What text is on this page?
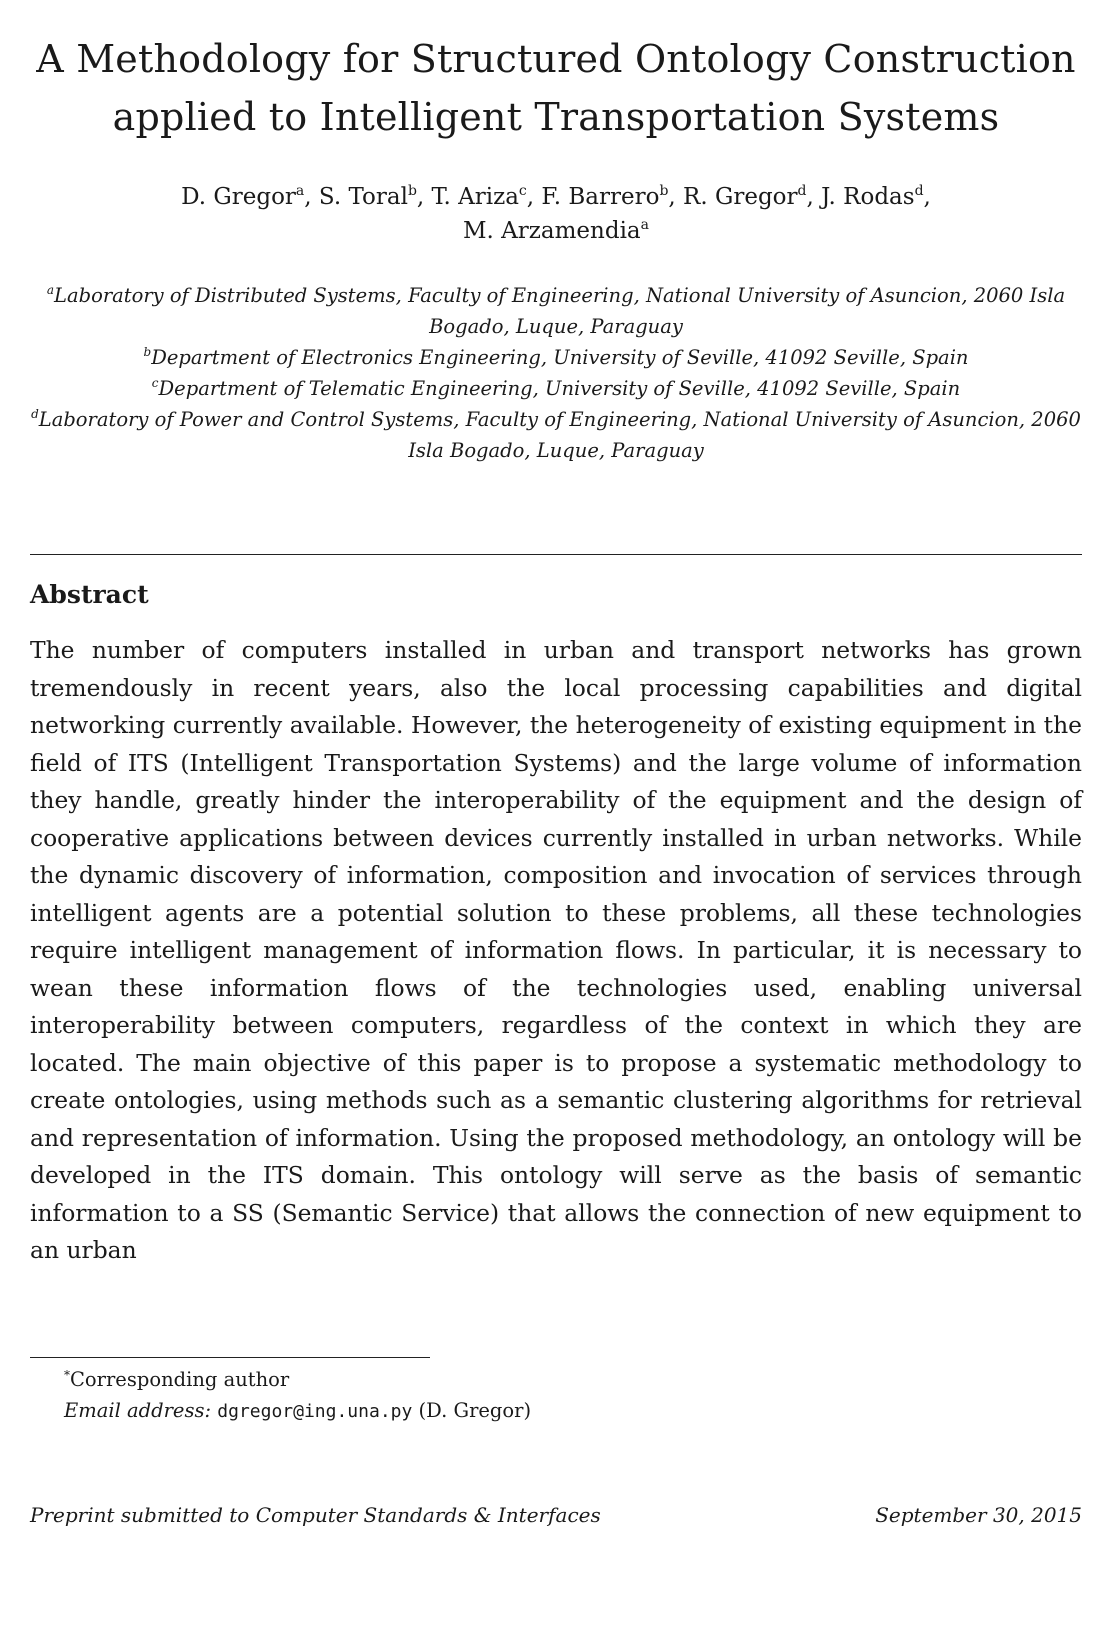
A Methodology for Structured Ontology Construction
applied to Intelligent Transportation Systems
D. Gregor$^a$, S. Toral$^b$, T. Ariza$^c$, F. Barrero$^b$, R. Gregor$^d$, J. Rodas$^d$,
M. Arzamendia$^a$
$^a$Laboratory of Distributed Systems, Faculty of Engineering, National University of Asuncion, 2060 Isla Bogado, Luque, Paraguay
$^b$Department of Electronics Engineering, University of Seville, 41092 Seville, Spain
$^c$Department of Telematic Engineering, University of Seville, 41092 Seville, Spain
$^d$Laboratory of Power and Control Systems, Faculty of Engineering, National University of Asuncion, 2060 Isla Bogado, Luque, Paraguay
Abstract

The number of computers installed in urban and transport networks has grown tremendously in recent years, also the local processing capabilities and digital networking currently available. However, the heterogeneity of existing equipment in the field of ITS (Intelligent Transportation Systems) and the large volume of information they handle, greatly hinder the interoperability of the equipment and the design of cooperative applications between devices currently installed in urban networks. While the dynamic discovery of information, composition and invocation of services through intelligent agents are a potential solution to these problems, all these technologies require intelligent management of information flows. In particular, it is necessary to wean these information flows of the technologies used, enabling universal interoperability between computers, regardless of the context in which they are located. The main objective of this paper is to propose a systematic methodology to create ontologies, using methods such as a semantic clustering algorithms for retrieval and representation of information. Using the proposed methodology, an ontology will be developed in the ITS domain. This ontology will serve as the basis of semantic information to a SS (Semantic Service) that allows the connection of new equipment to an urban

*Corresponding author
Email address: dgregor@ing.una.py (D. Gregor)
Preprint submitted to Computer Standards & Interfaces	September 30, 2015
